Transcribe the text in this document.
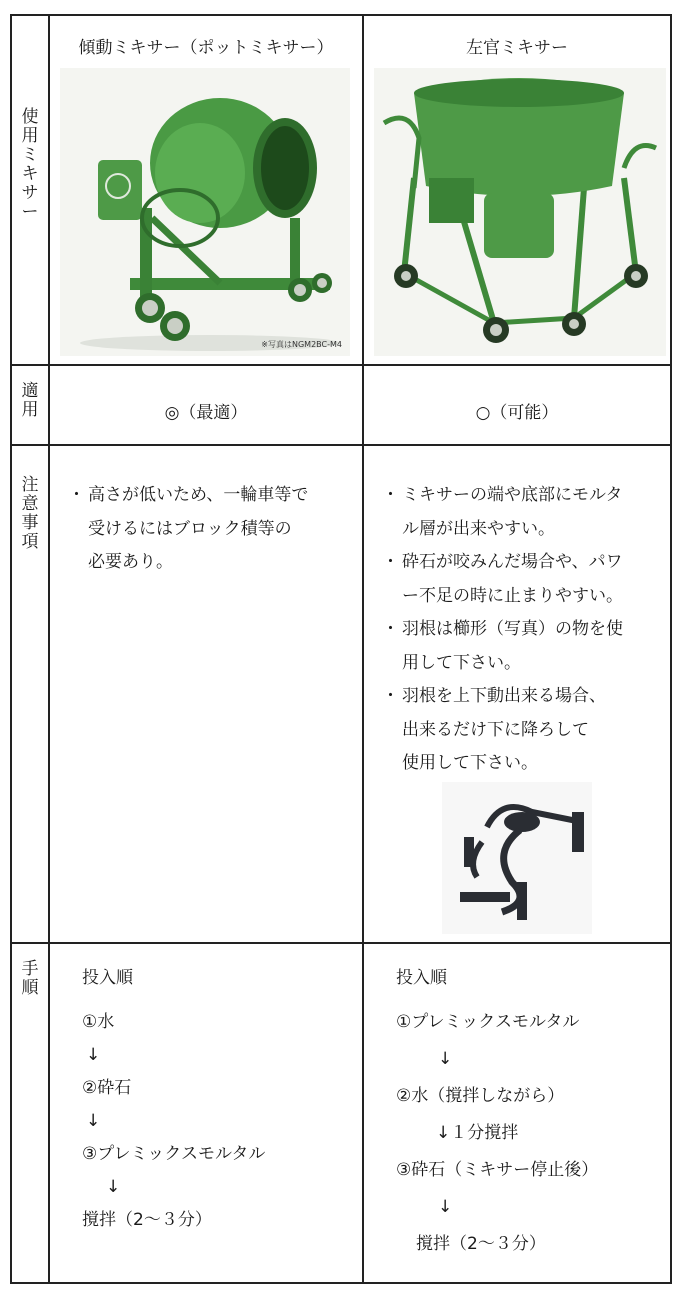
使
用
ミ
キ
サ
ー
適
用
注
意
事
項
手
順
傾動ミキサー（ポットミキサー）	左官ミキサー
※写真はNGM2BC-M4
◎（最適）	○（可能）
・ 高さが低いため、一輪車等で
受けるにはブロック積等の
必要あり。
・ ミキサーの端や底部にモルタ
ル層が出来やすい。
・ 砕石が咬みんだ場合や、パワ
ー不足の時に止まりやすい。
・ 羽根は櫛形（写真）の物を使
用して下さい。
・ 羽根を上下動出来る場合、
出来るだけ下に降ろして
使用して下さい。
投入順
①水
↓
②砕石
↓
③プレミックスモルタル
↓
撹拌（2～３分）
投入順
①プレミックスモルタル
↓
②水（撹拌しながら）
↓１分撹拌
③砕石（ミキサー停止後）
↓
撹拌（2～３分）
